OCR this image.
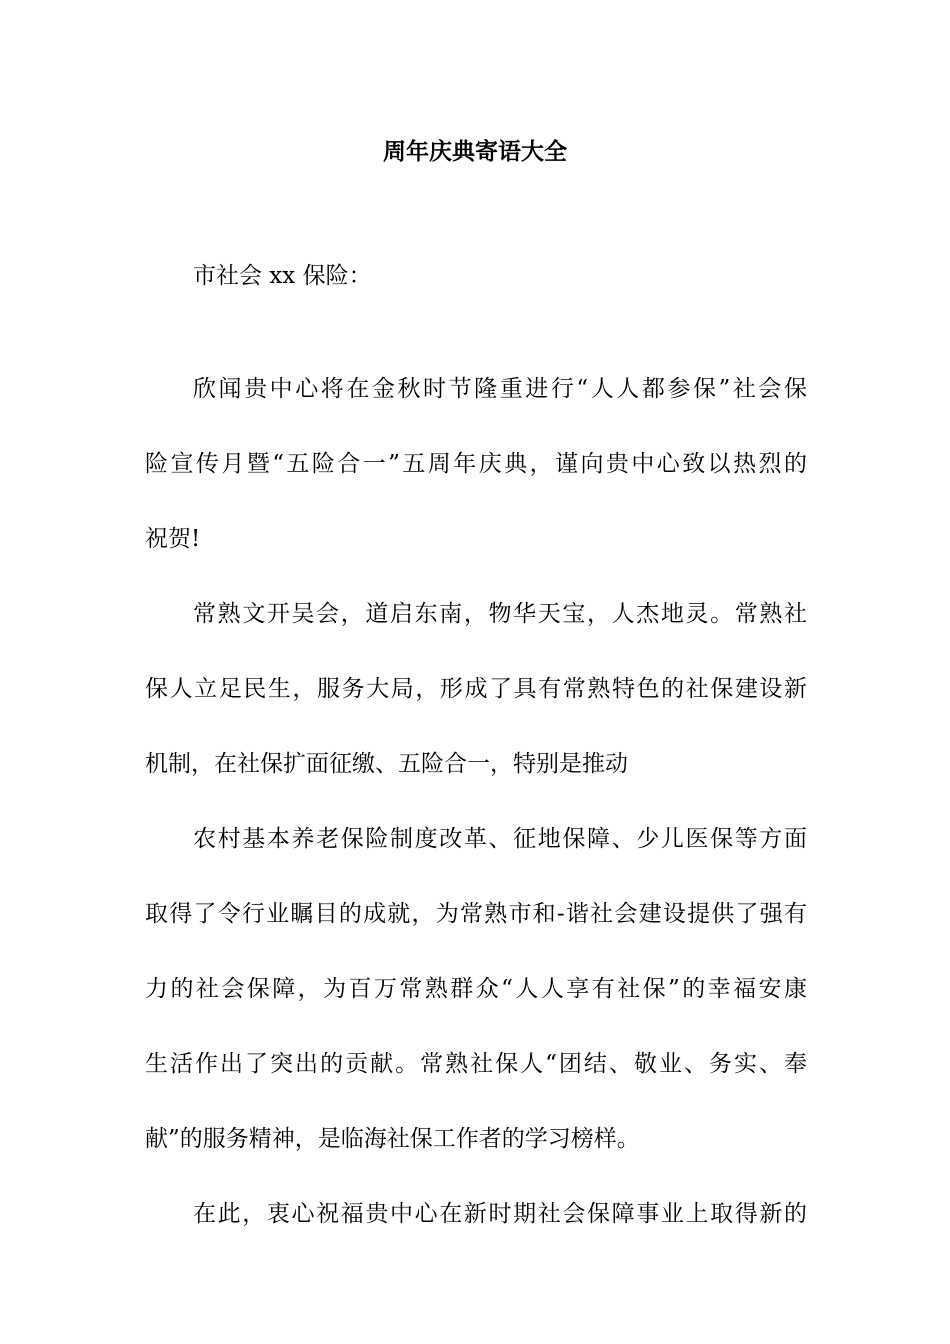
周年庆典寄语大全
市社会 xx 保险：
欣闻贵中心将在金秋时节隆重进行“人人都参保”社会保
险宣传月暨“五险合一”五周年庆典，谨向贵中心致以热烈的
祝贺!
常熟文开吴会，道启东南，物华天宝，人杰地灵。常熟社
保人立足民生，服务大局，形成了具有常熟特色的社保建设新
机制，在社保扩面征缴、五险合一，特别是推动
农村基本养老保险制度改革、征地保障、少儿医保等方面
取得了令行业瞩目的成就，为常熟市和-谐社会建设提供了强有
力的社会保障，为百万常熟群众“人人享有社保”的幸福安康
生活作出了突出的贡献。常熟社保人“团结、敬业、务实、奉
献”的服务精神，是临海社保工作者的学习榜样。
在此，衷心祝福贵中心在新时期社会保障事业上取得新的
